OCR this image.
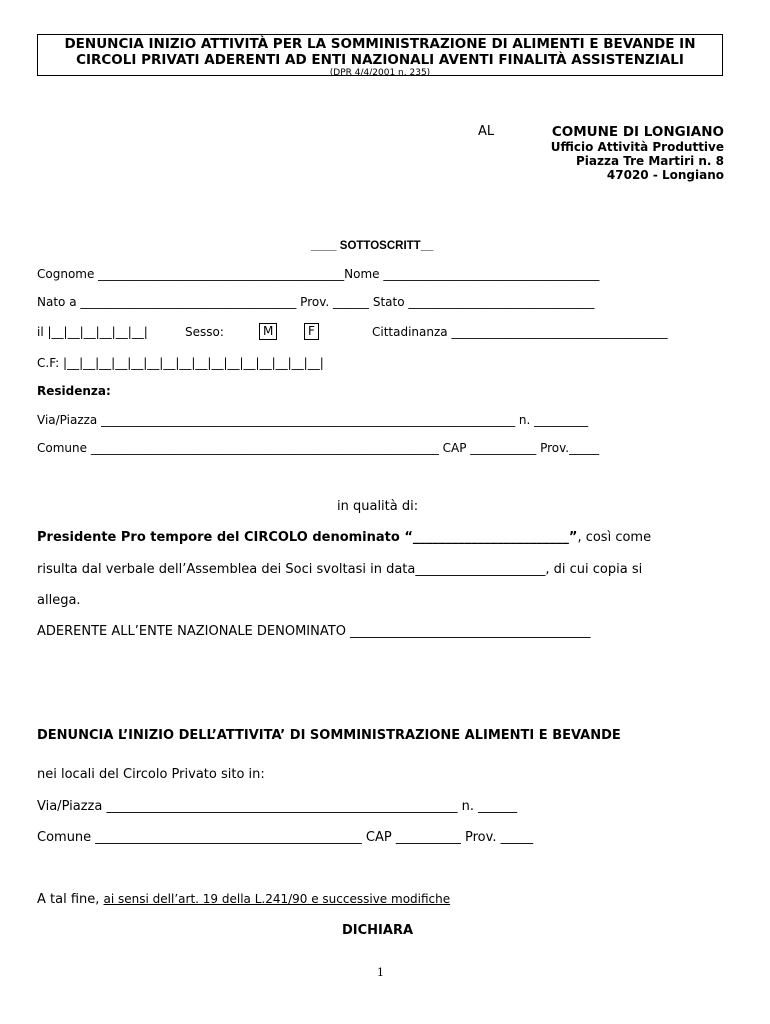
DENUNCIA INIZIO ATTIVITÀ PER LA SOMMINISTRAZIONE DI ALIMENTI E BEVANDE IN
CIRCOLI PRIVATI ADERENTI AD ENTI NAZIONALI AVENTI FINALITÀ ASSISTENZIALI
(DPR 4/4/2001 n. 235)
AL	COMUNE DI LONGIANO
Ufficio Attività Produttive
Piazza Tre Martiri n. 8
47020 - Longiano
____ SOTTOSCRITT__
Cognome _________________________________________Nome ____________________________________
Nato a ____________________________________ Prov. ______ Stato _______________________________
il |__|__|__|__|__|__|	Sesso:	M	F	Cittadinanza ____________________________________
C.F: |__|__|__|__|__|__|__|__|__|__|__|__|__|__|__|__|
Residenza:
Via/Piazza _____________________________________________________________________ n. _________
Comune __________________________________________________________ CAP ___________ Prov._____
in qualità di:
Presidente Pro tempore del CIRCOLO denominato “________________________”, così come
risulta dal verbale dell’Assemblea dei Soci svoltasi in data____________________, di cui copia si
allega.
ADERENTE ALL’ENTE NAZIONALE DENOMINATO _____________________________________
DENUNCIA L’INIZIO DELL’ATTIVITA’ DI SOMMINISTRAZIONE ALIMENTI E BEVANDE
nei locali del Circolo Privato sito in:
Via/Piazza ______________________________________________________ n. ______
Comune _________________________________________ CAP __________ Prov. _____
A tal fine, ai sensi dell’art. 19 della L.241/90 e successive modifiche
DICHIARA
1
